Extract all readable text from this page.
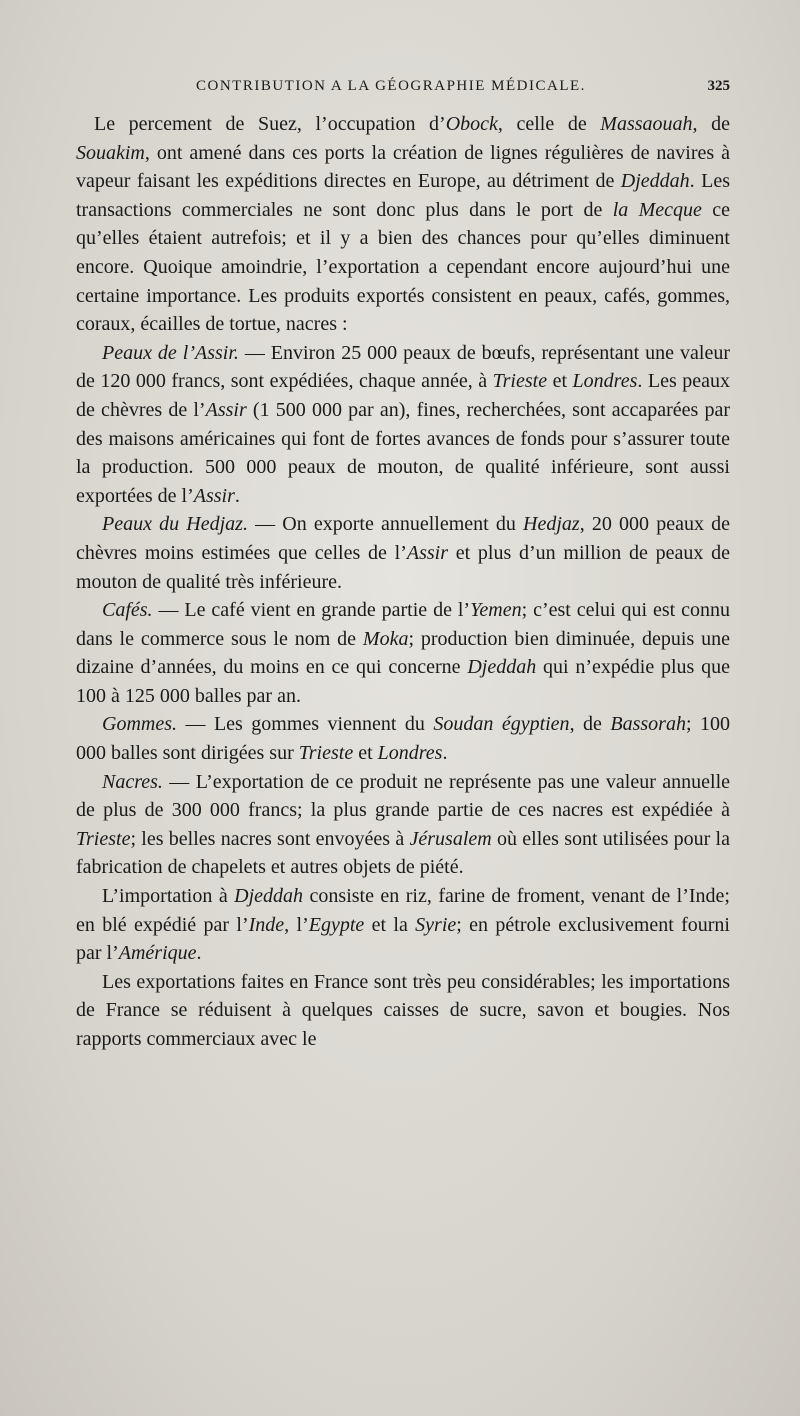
CONTRIBUTION A LA GÉOGRAPHIE MÉDICALE.	325

Le percement de Suez, l’occupation d’Obock, celle de Massaouah, de Souakim, ont amené dans ces ports la création de lignes régulières de navires à vapeur faisant les expéditions directes en Europe, au détriment de Djeddah. Les transactions commerciales ne sont donc plus dans le port de la Mecque ce qu’elles étaient autrefois; et il y a bien des chances pour qu’elles diminuent encore. Quoique amoindrie, l’exportation a cependant encore aujourd’hui une certaine importance. Les produits exportés consistent en peaux, cafés, gommes, coraux, écailles de tortue, nacres :

Peaux de l’Assir. — Environ 25 000 peaux de bœufs, représentant une valeur de 120 000 francs, sont expédiées, chaque année, à Trieste et Londres. Les peaux de chèvres de l’Assir (1 500 000 par an), fines, recherchées, sont accaparées par des maisons américaines qui font de fortes avances de fonds pour s’assurer toute la production. 500 000 peaux de mouton, de qualité inférieure, sont aussi exportées de l’Assir.

Peaux du Hedjaz. — On exporte annuellement du Hedjaz, 20 000 peaux de chèvres moins estimées que celles de l’Assir et plus d’un million de peaux de mouton de qualité très inférieure.

Cafés. — Le café vient en grande partie de l’Yemen; c’est celui qui est connu dans le commerce sous le nom de Moka; production bien diminuée, depuis une dizaine d’années, du moins en ce qui concerne Djeddah qui n’expédie plus que 100 à 125 000 balles par an.

Gommes. — Les gommes viennent du Soudan égyptien, de Bassorah; 100 000 balles sont dirigées sur Trieste et Londres.

Nacres. — L’exportation de ce produit ne représente pas une valeur annuelle de plus de 300 000 francs; la plus grande partie de ces nacres est expédiée à Trieste; les belles nacres sont envoyées à Jérusalem où elles sont utilisées pour la fabrication de chapelets et autres objets de piété.

L’importation à Djeddah consiste en riz, farine de froment, venant de l’Inde; en blé expédié par l’Inde, l’Egypte et la Syrie; en pétrole exclusivement fourni par l’Amérique.

Les exportations faites en France sont très peu considérables; les importations de France se réduisent à quelques caisses de sucre, savon et bougies. Nos rapports commerciaux avec le
